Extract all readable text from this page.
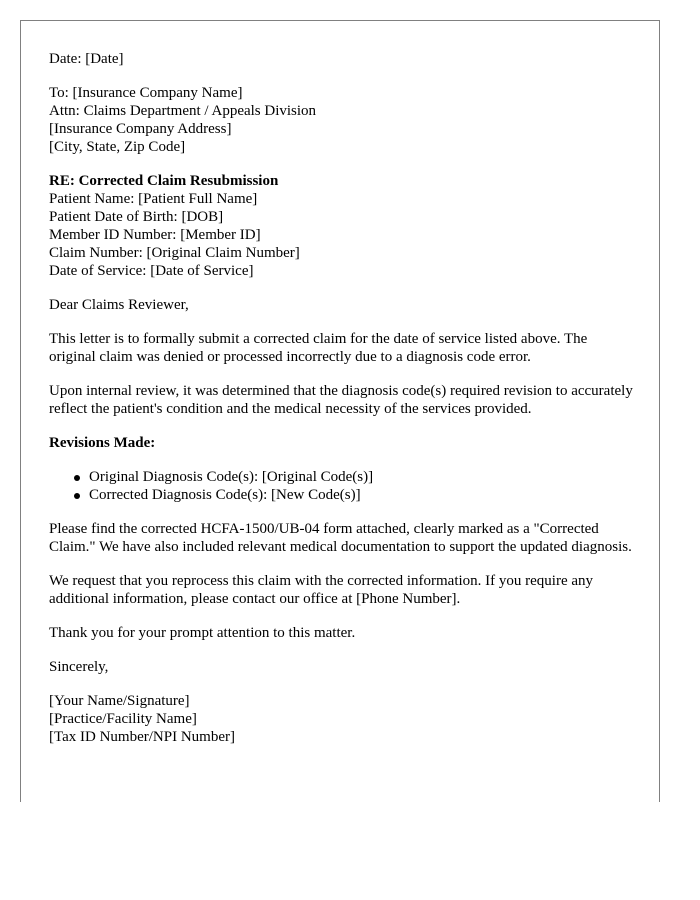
Date: [Date]

To: [Insurance Company Name]
Attn: Claims Department / Appeals Division
[Insurance Company Address]
[City, State, Zip Code]
RE: Corrected Claim Resubmission
Patient Name: [Patient Full Name]
Patient Date of Birth: [DOB]
Member ID Number: [Member ID]
Claim Number: [Original Claim Number]
Date of Service: [Date of Service]

Dear Claims Reviewer,

This letter is to formally submit a corrected claim for the date of service listed above. The original claim was denied or processed incorrectly due to a diagnosis code error.

Upon internal review, it was determined that the diagnosis code(s) required revision to accurately reflect the patient's condition and the medical necessity of the services provided.

Revisions Made:

Original Diagnosis Code(s): [Original Code(s)]
Corrected Diagnosis Code(s): [New Code(s)]

Please find the corrected HCFA-1500/UB-04 form attached, clearly marked as a "Corrected Claim." We have also included relevant medical documentation to support the updated diagnosis.

We request that you reprocess this claim with the corrected information. If you require any additional information, please contact our office at [Phone Number].

Thank you for your prompt attention to this matter.

Sincerely,

[Your Name/Signature]
[Practice/Facility Name]
[Tax ID Number/NPI Number]
